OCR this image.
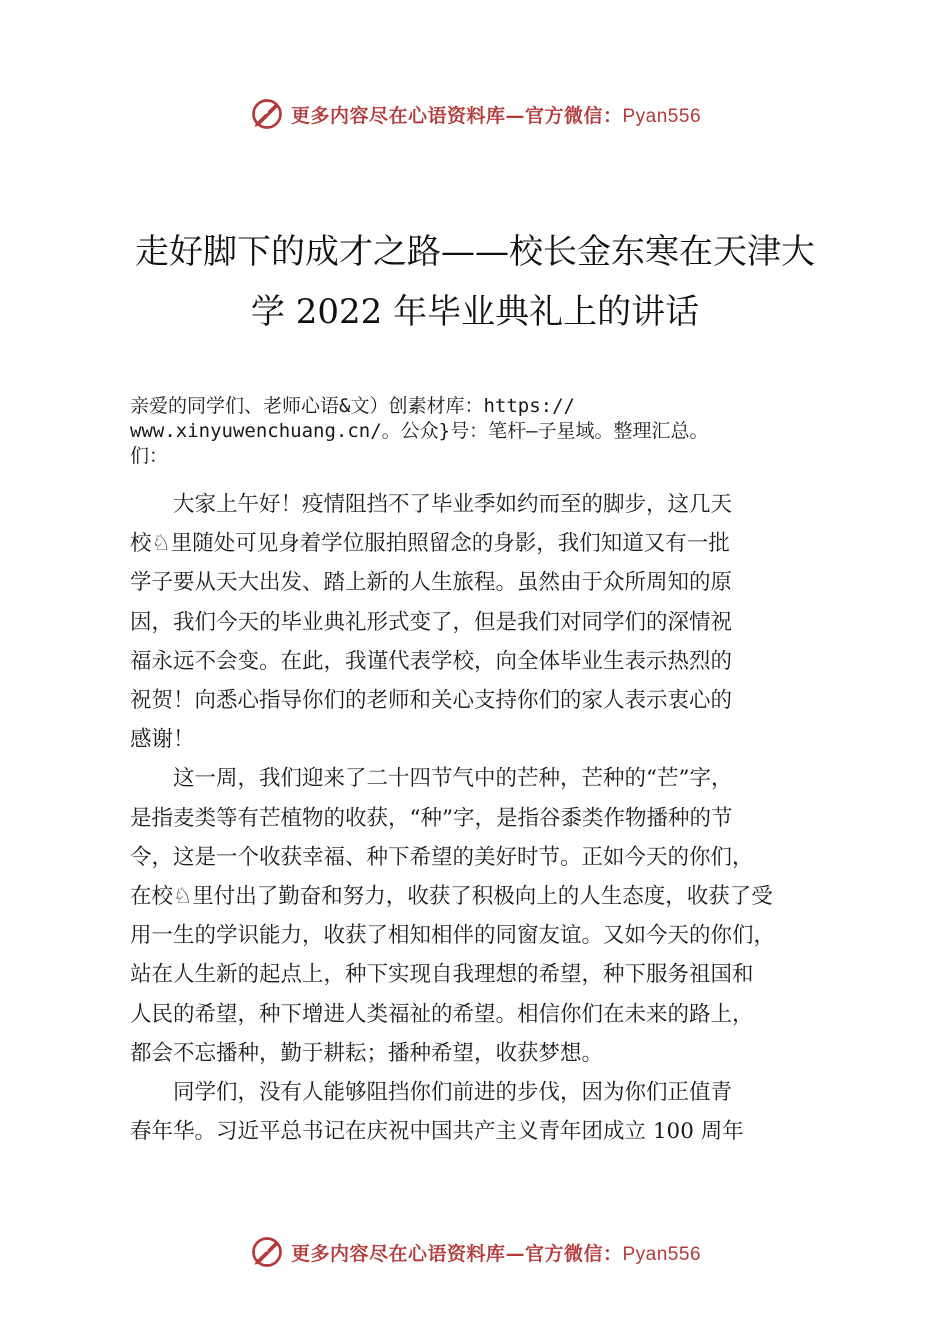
更多内容尽在心语资料库—官方微信：Pyan556
走好脚下的成才之路——校长金东寒在天津大
学 2022 年毕业典礼上的讲话
亲爱的同学们、老师心语&文）创素材库：https://
www.xinyuwenchuang.cn/。公众}号：笔杆—子星域。整理汇总。
们：
大家上午好！疫情阻挡不了毕业季如约而至的脚步，这几天
校♘里随处可见身着学位服拍照留念的身影，我们知道又有一批
学子要从天大出发、踏上新的人生旅程。虽然由于众所周知的原
因，我们今天的毕业典礼形式变了，但是我们对同学们的深情祝
福永远不会变。在此，我谨代表学校，向全体毕业生表示热烈的
祝贺！向悉心指导你们的老师和关心支持你们的家人表示衷心的
感谢！
这一周，我们迎来了二十四节气中的芒种，芒种的“芒”字，
是指麦类等有芒植物的收获，“种”字，是指谷黍类作物播种的节
令，这是一个收获幸福、种下希望的美好时节。正如今天的你们，
在校♘里付出了勤奋和努力，收获了积极向上的人生态度，收获了受
用一生的学识能力，收获了相知相伴的同窗友谊。又如今天的你们，
站在人生新的起点上，种下实现自我理想的希望，种下服务祖国和
人民的希望，种下增进人类福祉的希望。相信你们在未来的路上，
都会不忘播种，勤于耕耘；播种希望，收获梦想。
同学们，没有人能够阻挡你们前进的步伐，因为你们正值青
春年华。习近平总书记在庆祝中国共产主义青年团成立 100 周年
更多内容尽在心语资料库—官方微信：Pyan556
